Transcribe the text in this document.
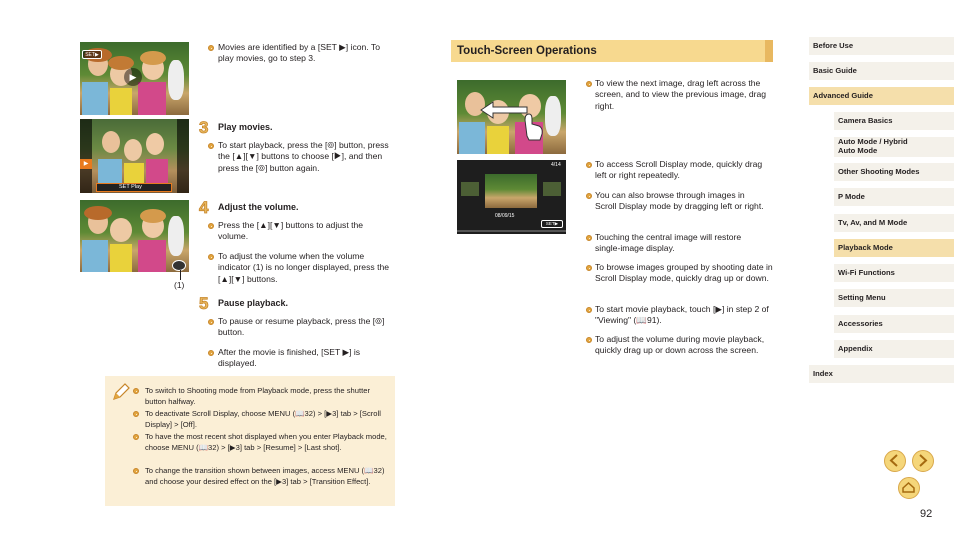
SET▶
▶
▶
SET Play
(1)
Movies are identified by a [SET ▶] icon. To play movies, go to step 3.
3 Play movies.
To start playback, press the [⦾] button, press the [▲][▼] buttons to choose [▶], and then press the [⦾] button again.
4 Adjust the volume.
Press the [▲][▼] buttons to adjust the volume.
To adjust the volume when the volume indicator (1) is no longer displayed, press the [▲][▼] buttons.
5 Pause playback.
To pause or resume playback, press the [⦾] button.
After the movie is finished, [SET ▶] is displayed.
To switch to Shooting mode from Playback mode, press the shutter button halfway.
To deactivate Scroll Display, choose MENU (📖32) > [▶3] tab > [Scroll Display] > [Off].
To have the most recent shot displayed when you enter Playback mode, choose MENU (📖32) > [▶3] tab > [Resume] > [Last shot].
To change the transition shown between images, access MENU (📖32) and choose your desired effect on the [▶3] tab > [Transition Effect].
Touch-Screen Operations
4/14
08/09/15
SET▶
To view the next image, drag left across the screen, and to view the previous image, drag right.
To access Scroll Display mode, quickly drag left or right repeatedly.
You can also browse through images in Scroll Display mode by dragging left or right.
Touching the central image will restore single-image display.
To browse images grouped by shooting date in Scroll Display mode, quickly drag up or down.
To start movie playback, touch [▶] in step 2 of "Viewing" (📖91).
To adjust the volume during movie playback, quickly drag up or down across the screen.
Before Use
Basic Guide
Advanced Guide
Camera Basics
Auto Mode / Hybrid Auto Mode
Other Shooting Modes
P Mode
Tv, Av, and M Mode
Playback Mode
Wi-Fi Functions
Setting Menu
Accessories
Appendix
Index
92
